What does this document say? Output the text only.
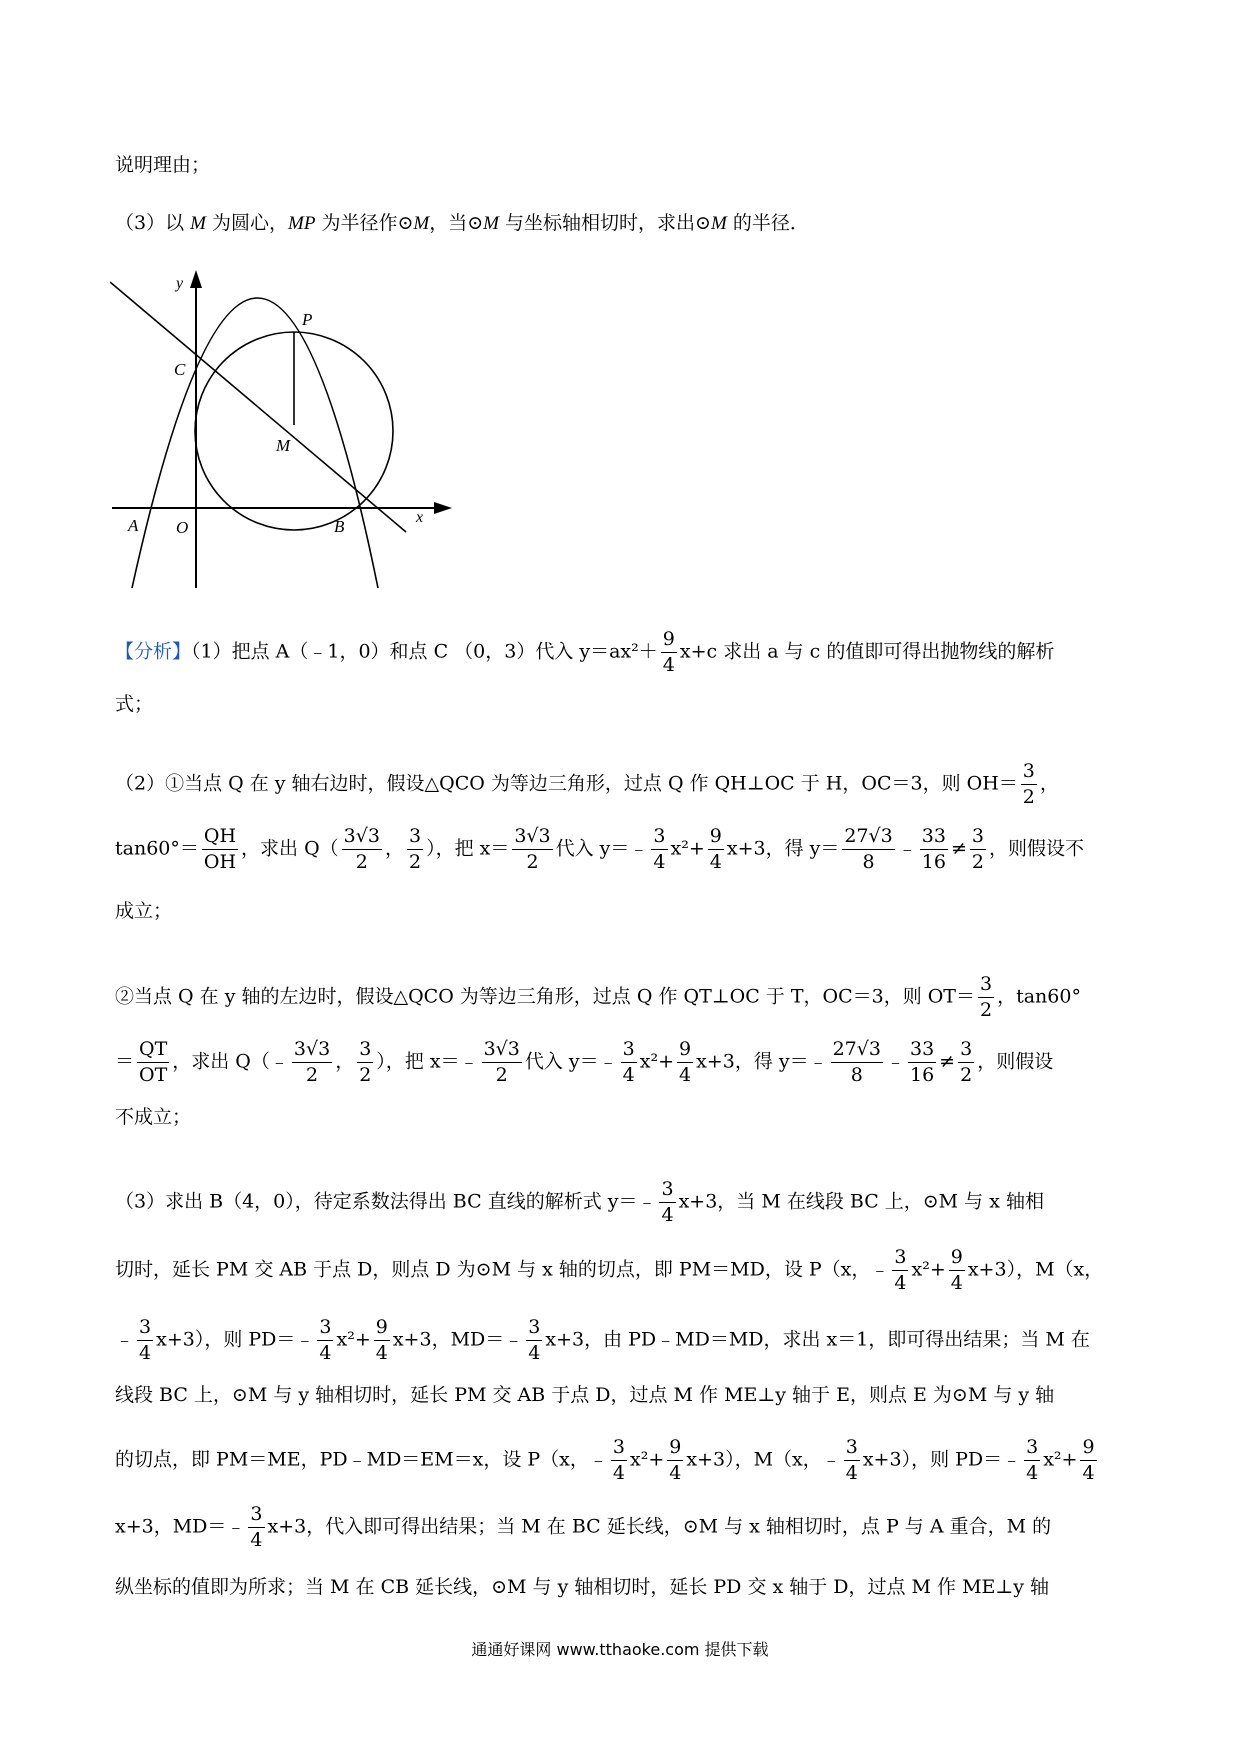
说明理由；
（3）以 M 为圆心，MP 为半径作⊙M，当⊙M 与坐标轴相切时，求出⊙M 的半径．
y
x
P
C
M
A O	B
【分析】（1）把点 A（﹣1，0）和点 C （0，3）代入 $y=ax^2+ \frac{9}{4} x+c$ 求出 a 与 c 的值即可得出抛物线的解析
式；
（2）①当点 Q 在 y 轴右边时，假设△QCO 为等边三角形，过点 Q 作 QH⊥OC 于 H，OC＝3，则 $OH= \frac{3}{2}$ ，
$\tan 60^\circ= \frac{QH}{OH}$ ，求出 $Q( \frac{3√3}{2}$ ， $\frac{3}{2}$ ），把 $x= \frac{3√3}{2}$ 代入 y＝﹣ $\frac{3}{4} x^2+ \frac{9}{4} x+3$，得 $y= \frac{27√3}{8}$ ﹣ $\frac{33}{16} \ne \frac{3}{2}$ ，则假设不
成立；
②当点 Q 在 y 轴的左边时，假设△QCO 为等边三角形，过点 Q 作 QT⊥OC 于 T，OC＝3，则 $OT= \frac{3}{2}$ ，tan60°
＝ $\frac{QT}{OT}$ ，求出 Q（﹣ $\frac{3√3}{2}$ ， $\frac{3}{2}$ ），把 x＝﹣ $\frac{3√3}{2}$ 代入 y＝﹣ $\frac{3}{4} x^2+ \frac{9}{4} x+3$，得 y＝﹣ $\frac{27√3}{8}$ ﹣ $\frac{33}{16} \ne \frac{3}{2}$ ，则假设
不成立；
（3）求出 B（4，0），待定系数法得出 BC 直线的解析式 y＝﹣ $\frac{3}{4} x+3$，当 M 在线段 BC 上，⊙M 与 x 轴相
切时，延长 PM 交 AB 于点 D，则点 D 为⊙M 与 x 轴的切点，即 PM＝MD，设 P（x，﹣ $\frac{3}{4} x^2+ \frac{9}{4} x+3$），M（x，
﹣ $\frac{3}{4} x+3$），则 PD＝﹣ $\frac{3}{4} x^2+ \frac{9}{4} x+3$，MD＝﹣ $\frac{3}{4} x+3$，由 PD﹣MD＝MD，求出 x＝1，即可得出结果；当 M 在
线段 BC 上，⊙M 与 y 轴相切时，延长 PM 交 AB 于点 D，过点 M 作 ME⊥y 轴于 E，则点 E 为⊙M 与 y 轴
的切点，即 PM＝ME，PD﹣MD＝EM＝x，设 P（x，﹣ $\frac{3}{4} x^2+ \frac{9}{4} x+3$），M（x，﹣ $\frac{3}{4} x+3$），则 PD＝﹣ $\frac{3}{4} x^2+ \frac{9}{4}$
x+3，MD＝﹣ $\frac{3}{4} x+3$，代入即可得出结果；当 M 在 BC 延长线，⊙M 与 x 轴相切时，点 P 与 A 重合，M 的
纵坐标的值即为所求；当 M 在 CB 延长线，⊙M 与 y 轴相切时，延长 PD 交 x 轴于 D，过点 M 作 ME⊥y 轴
通通好课网 www.tthaoke.com 提供下载
